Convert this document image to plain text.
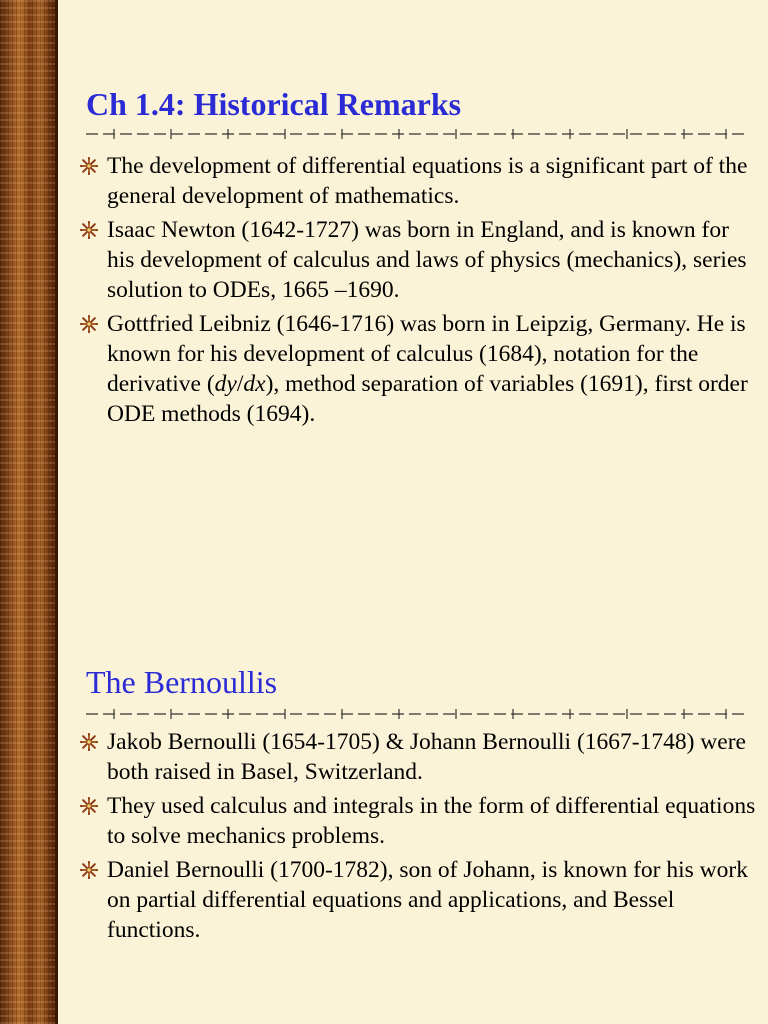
Ch 1.4: Historical Remarks
The development of differential equations is a significant part of the general development of mathematics.
Isaac Newton (1642-1727) was born in England, and is known for his development of calculus and laws of physics (mechanics), series solution to ODEs, 1665 –1690.
Gottfried Leibniz (1646-1716) was born in Leipzig, Germany. He is known for his development of calculus (1684), notation for the derivative (dy/dx), method separation of variables (1691), first order ODE methods (1694).
The Bernoullis
Jakob Bernoulli (1654-1705) & Johann Bernoulli (1667-1748) were both raised in Basel, Switzerland.
They used calculus and integrals in the form of differential equations to solve mechanics problems.
Daniel Bernoulli (1700-1782), son of Johann, is known for his work on partial differential equations and applications, and Bessel functions.
